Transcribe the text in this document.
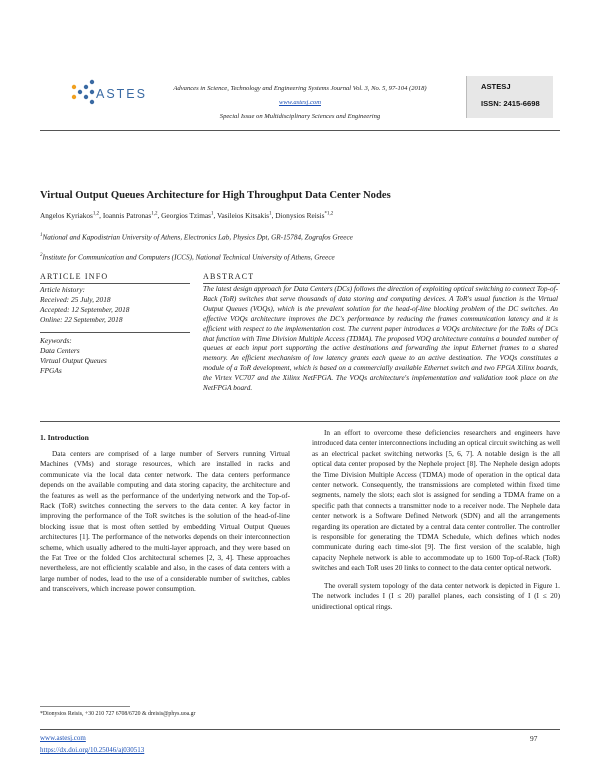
ASTES	Advances in Science, Technology and Engineering Systems Journal Vol. 3, No. 5, 97-104 (2018)
www.astesj.com
Special Issue on Multidisciplinary Sciences and Engineering
ASTESJ
ISSN: 2415-6698
Virtual Output Queues Architecture for High Throughput Data Center Nodes
Angelos Kyriakos$^{1,2}$, Ioannis Patronas$^{1,2}$, Georgios Tzimas$^1$, Vasileios Kitsakis$^1$, Dionysios Reisis$^{*1,2}$
$^1$National and Kapodistrian University of Athens, Electronics Lab, Physics Dpt, GR-15784, Zografos Greece
$^2$Institute for Communication and Computers (ICCS), National Technical University of Athens, Greece
ARTICLE INFO
Article history:
Received: 25 July, 2018
Accepted: 12 September, 2018
Online: 22 September, 2018
Keywords:
Data Centers
Virtual Output Queues
FPGAs
ABSTRACT
The latest design approach for Data Centers (DCs) follows the direction of exploiting optical switching to connect Top-of-Rack (ToR) switches that serve thousands of data storing and computing devices. A ToR's usual function is the Virtual Output Queues (VOQs), which is the prevalent solution for the head-of-line blocking problem of the DC switches. An effective VOQs architecture improves the DC's performance by reducing the frames communication latency and it is efficient with respect to the implementation cost. The current paper introduces a VOQs architecture for the ToRs of DCs that function with Time Division Multiple Access (TDMA). The proposed VOQ architecture contains a bounded number of queues at each input port supporting the active destinations and forwarding the input Ethernet frames to a shared memory. An efficient mechanism of low latency grants each queue to an active destination. The VOQs constitutes a module of a ToR development, which is based on a commercially available Ethernet switch and two FPGA Xilinx boards, the Virtex VC707 and the Xilinx NetFPGA. The VOQs architecture's implementation and validation took place on the NetFPGA board.
1. Introduction

Data centers are comprised of a large number of Servers running Virtual Machines (VMs) and storage resources, which are installed in racks and communicate via the local data center network. The data centers performance depends on the available computing and data storing capacity, the architecture and the features as well as the performance of the underlying network and the Top-of-Rack (ToR) switches connecting the servers to the data center. A key factor in improving the performance of the ToR switches is the solution of the head-of-line blocking issue that is most often settled by embedding Virtual Output Queues architectures [1]. The performance of the networks depends on their interconnection scheme, which usually adhered to the multi-layer approach, and they were based on the Fat Tree or the folded Clos architectural schemes [2, 3, 4]. These approaches nevertheless, are not efficiently scalable and also, in the cases of data centers with a large number of nodes, lead to the use of a considerable number of switches, cables and transceivers, which increase power consumption.

In an effort to overcome these deficiencies researchers and engineers have introduced data center interconnections including an optical circuit switching as well as an electrical packet switching networks [5, 6, 7]. A notable design is the all optical data center proposed by the Nephele project [8]. The Nephele design adopts the Time Division Multiple Access (TDMA) mode of operation in the optical data center network. Consequently, the transmissions are completed within fixed time segments, namely the slots; each slot is assigned for sending a TDMA frame on a specific path that connects a transmitter node to a receiver node. The Nephele data center network is a Software Defined Network (SDN) and all the arrangements regarding its operation are dictated by a central data center controller. The controller is responsible for generating the TDMA Schedule, which defines which nodes communicate during each time-slot [9]. The first version of the scalable, high capacity Nephele network is able to accommodate up to 1600 Top-of-Rack (ToR) switches and each ToR uses 20 links to connect to the data center optical network.

The overall system topology of the data center network is depicted in Figure 1. The network includes I (I ≤ 20) parallel planes, each consisting of I (I ≤ 20) unidirectional optical rings.

*Dionysios Reisis, +30 210 727 6708/6720 & dreisis@phys.uoa.gr
www.astesj.com
https://dx.doi.org/10.25046/aj030513
97
